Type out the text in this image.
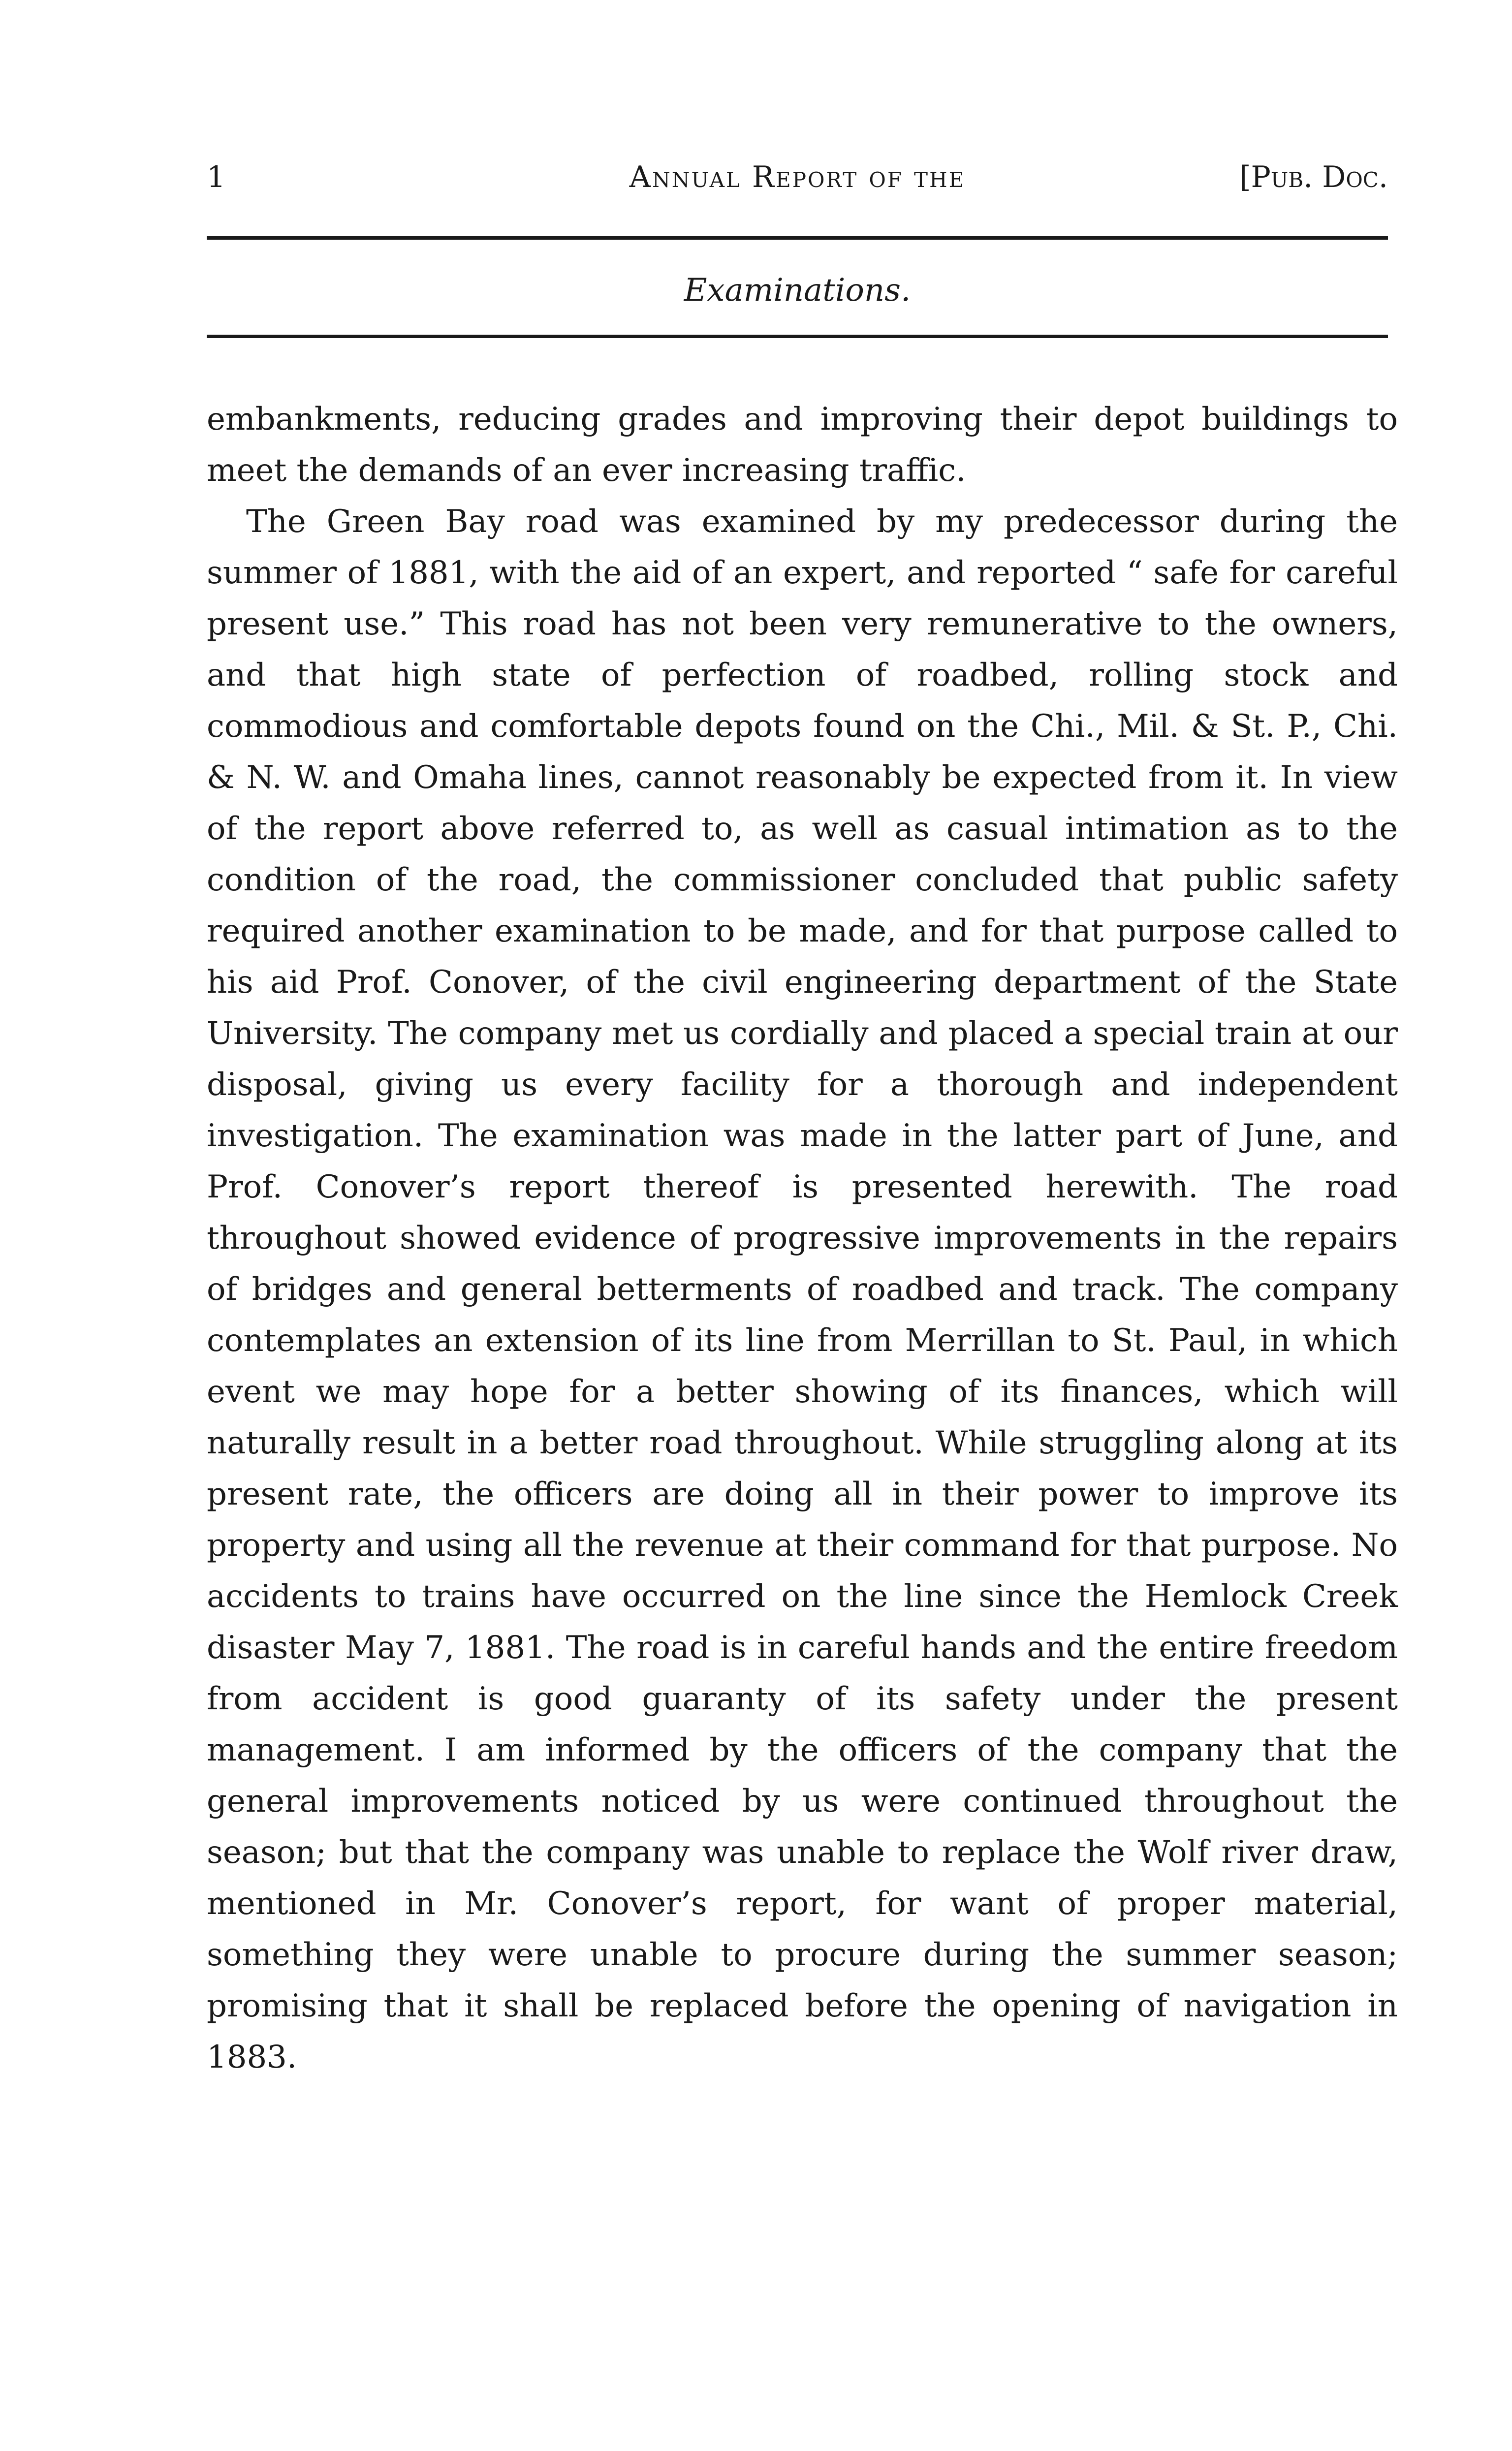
1	Annual Report of the	[Pub. Doc.
Examinations.

embankments, reducing grades and improving their depot buildings to meet the demands of an ever increasing traffic.

The Green Bay road was examined by my predecessor during the summer of 1881, with the aid of an expert, and reported “ safe for careful present use.” This road has not been very remunerative to the owners, and that high state of perfection of roadbed, rolling stock and commodious and comfortable depots found on the Chi., Mil. & St. P., Chi. & N. W. and Omaha lines, cannot reasonably be expected from it. In view of the report above referred to, as well as casual intimation as to the condition of the road, the commissioner concluded that public safety required another examination to be made, and for that purpose called to his aid Prof. Conover, of the civil engineering department of the State University. The company met us cordially and placed a special train at our disposal, giving us every facility for a thorough and independent investigation. The examination was made in the latter part of June, and Prof. Conover’s report thereof is presented herewith. The road throughout showed evidence of progressive improvements in the repairs of bridges and general betterments of roadbed and track. The company contemplates an extension of its line from Merrillan to St. Paul, in which event we may hope for a better showing of its finances, which will naturally result in a better road throughout. While struggling along at its present rate, the officers are doing all in their power to improve its property and using all the revenue at their command for that purpose. No accidents to trains have occurred on the line since the Hemlock Creek disaster May 7, 1881. The road is in careful hands and the entire freedom from accident is good guaranty of its safety under the present management. I am informed by the officers of the company that the general improvements noticed by us were continued throughout the season; but that the company was unable to replace the Wolf river draw, mentioned in Mr. Conover’s report, for want of proper material, something they were unable to procure during the summer season; promising that it shall be replaced before the opening of navigation in 1883.
